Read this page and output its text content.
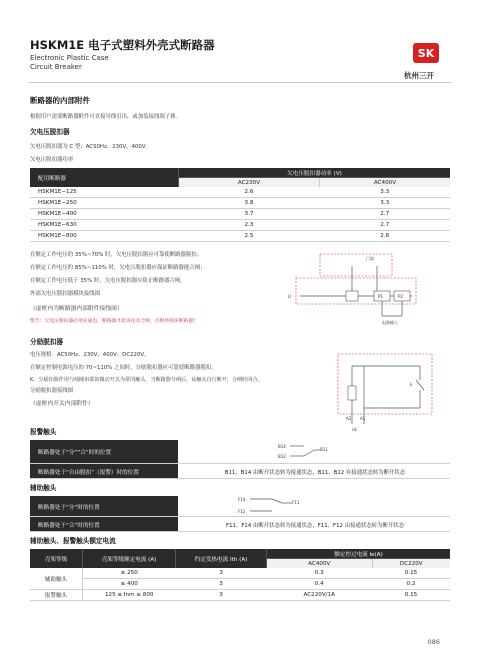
HSKM1E 电子式塑料外壳式断路器
Electronic Plastic Case
Circuit Breaker
SK
杭州三开
断路器的内部附件
根据用户需要断路器附件可直接导线引出，或加装接线端子排。
欠电压脱扣器
欠电压脱扣器为 C 型；AC50Hz、230V、400V。
欠电压脱扣器功率
配用断路器	欠电压脱扣器功率 (V)	
	AC230V	AC400V
HSKM1E−125	2.6	3.3
HSKM1E−250	3.8	3.3
HSKM1E−400	3.7	2.7
HSKM1E−630	2.3	2.7
HSKM1E−800	2.5	2.8
在额定工作电压的 35%~70% 时，欠电压脱扣器应可靠使断路器脱扣；
在额定工作电压的 85%~110% 时，欠电压脱扣器应保证断路器能合闸；
在额定工作电压低于 35% 时，欠电压脱扣器应防止断路器合闸。
外部欠电压脱扣器模块接线图
（虚框内为断路器内部附件接线图）
警告：欠电压脱扣器必须先通电，断路器才能再扣及合闸，否则将损坏断路器!
门架
U	P1	P2
电源输入
分励脱扣器
电压规格：AC50Hz、230V、400V；DC220V。
在额定控制电源电压的 70~110% 之间时，分励脱扣器应可靠使断路器脱扣。
K、分励扣脱作用与线圈串联的微动开关为常闭触头，当断路器分闸后，该触头自行断开，合闸时闭合。
分励脱扣器接线图
（虚框内开关内部附件）
k
A2 A1
Us
报警触头
断路器处于“分”“合”时的位置
B14
B12
B11
断路器处于“自由脱扣”（报警）时的位置	B11、B14 由断开状态转为接通状态，B11、B12 有接通状态转为断开状态
辅助触头
断路器处于“分”时的位置
F14
F12
F11
断路器处于“合”时的位置	F11、F14 由断开状态转为接通状态，F11、F12 由接通状态转为断开状态
辅助触头、报警触头额定电流
壳架等级	壳架等级额定电流 (A)	约定发热电流 Ith (A)	额定控过电流 Ie(A)	
			AC400V	DC220V
辅助触头	≤ 250	3	0.3	0.15
	≤ 400	3	0.4	0.2
报警触头	125 ≤ Inm ≤ 800	3	AC220V/1A	0.15
086
